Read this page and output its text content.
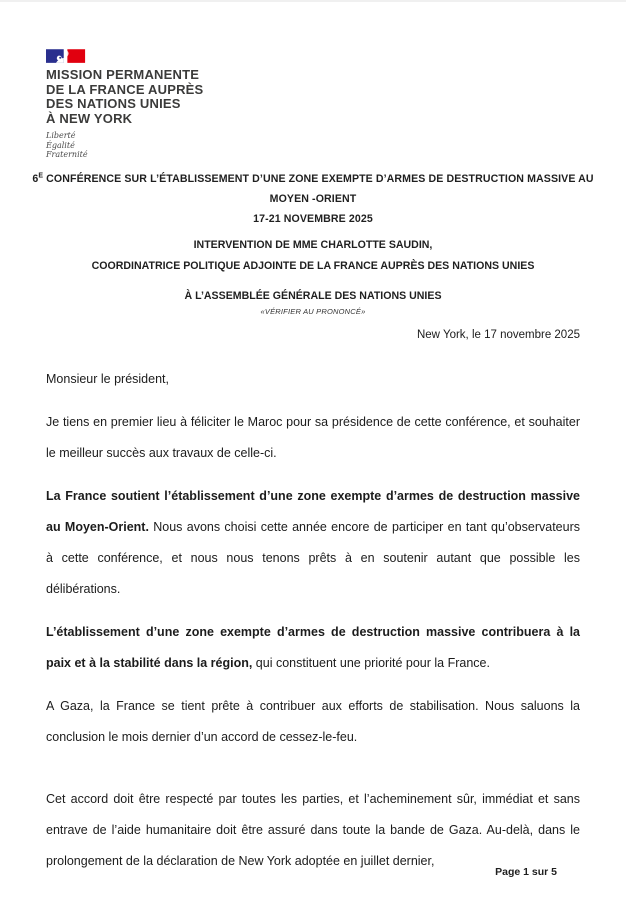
MISSION PERMANENTE
DE LA FRANCE AUPRÈS
DES NATIONS UNIES
À NEW YORK
Liberté
Égalité
Fraternité
$6^E$ CONFÉRENCE SUR L’ÉTABLISSEMENT D’UNE ZONE EXEMPTE D’ARMES DE DESTRUCTION MASSIVE AU
MOYEN -ORIENT
17-21 NOVEMBRE 2025
INTERVENTION DE MME CHARLOTTE SAUDIN,
COORDINATRICE POLITIQUE ADJOINTE DE LA FRANCE AUPRÈS DES NATIONS UNIES
À L’ASSEMBLÉE GÉNÉRALE DES NATIONS UNIES
«VÉRIFIER AU PRONONCÉ»
New York, le 17 novembre 2025

Monsieur le président,

Je tiens en premier lieu à féliciter le Maroc pour sa présidence de cette conférence, et souhaiter le meilleur succès aux travaux de celle-ci.

La France soutient l’établissement d’une zone exempte d’armes de destruction massive au Moyen-Orient. Nous avons choisi cette année encore de participer en tant qu’observateurs à cette conférence, et nous nous tenons prêts à en soutenir autant que possible les délibérations.

L’établissement d’une zone exempte d’armes de destruction massive contribuera à la paix et à la stabilité dans la région, qui constituent une priorité pour la France.

A Gaza, la France se tient prête à contribuer aux efforts de stabilisation. Nous saluons la conclusion le mois dernier d’un accord de cessez-le-feu.

Cet accord doit être respecté par toutes les parties, et l’acheminement sûr, immédiat et sans entrave de l’aide humanitaire doit être assuré dans toute la bande de Gaza. Au-delà, dans le prolongement de la déclaration de New York adoptée en juillet dernier,

Page 1 sur 5
